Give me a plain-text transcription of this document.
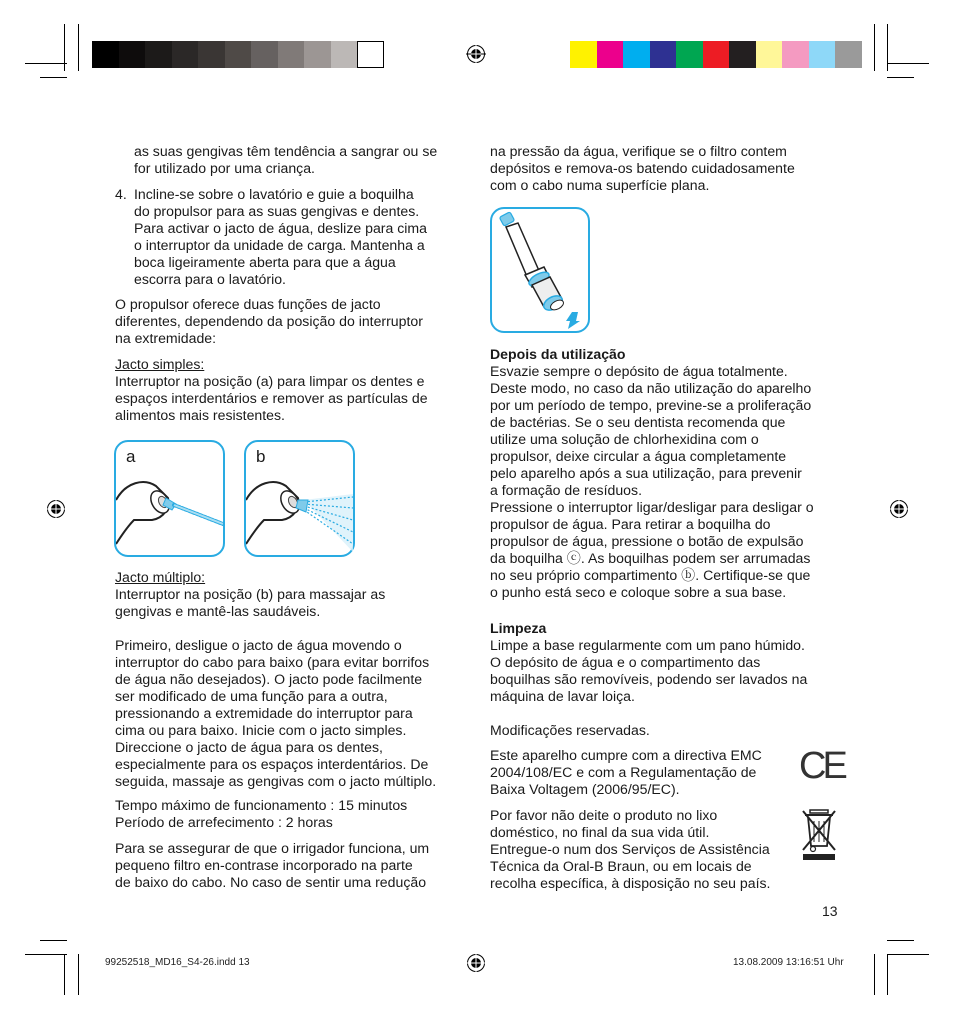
as suas gengivas têm tendência a sangrar ou se

for utilizado por uma criança.

4. Incline-se sobre o lavatório e guie a boquilha

do propulsor para as suas gengivas e dentes.

Para activar o jacto de água, deslize para cima

o interruptor da unidade de carga. Mantenha a

boca ligeiramente aberta para que a água

escorra para o lavatório.

O propulsor oferece duas funções de jacto

diferentes, dependendo da posição do interruptor

na extremidade:

Jacto simples:

Interruptor na posição (a) para limpar os dentes e

espaços interdentários e remover as partículas de

alimentos mais resistentes.

a	b

Jacto múltiplo:

Interruptor na posição (b) para massajar as

gengivas e mantê-las saudáveis.

Primeiro, desligue o jacto de água movendo o

interruptor do cabo para baixo (para evitar borrifos

de água não desejados). O jacto pode facilmente

ser modificado de uma função para a outra,

pressionando a extremidade do interruptor para

cima ou para baixo. Inicie com o jacto simples.

Direccione o jacto de água para os dentes,

especialmente para os espaços interdentários. De

seguida, massaje as gengivas com o jacto múltiplo.

Tempo máximo de funcionamento : 15 minutos

Período de arrefecimento : 2 horas

Para se assegurar de que o irrigador funciona, um

pequeno filtro en-contrase incorporado na parte

de baixo do cabo. No caso de sentir uma redução

na pressão da água, verifique se o filtro contem

depósitos e remova-os batendo cuidadosamente

com o cabo numa superfície plana.

Depois da utilização

Esvazie sempre o depósito de água totalmente.

Deste modo, no caso da não utilização do aparelho

por um período de tempo, previne-se a proliferação

de bactérias. Se o seu dentista recomenda que

utilize uma solução de chlorhexidina com o

propulsor, deixe circular a água completamente

pelo aparelho após a sua utilização, para prevenir

a formação de resíduos.

Pressione o interruptor ligar/desligar para desligar o

propulsor de água. Para retirar a boquilha do

propulsor de água, pressione o botão de expulsão

da boquilha ⓒ. As boquilhas podem ser arrumadas

no seu próprio compartimento ⓑ. Certifique-se que

o punho está seco e coloque sobre a sua base.

Limpeza

Limpe a base regularmente com um pano húmido.

O depósito de água e o compartimento das

boquilhas são removíveis, podendo ser lavados na

máquina de lavar loiça.

Modificações reservadas.

Este aparelho cumpre com a directiva EMC

2004/108/EC e com a Regulamentação de

Baixa Voltagem (2006/95/EC).

CE

Por favor não deite o produto no lixo

doméstico, no final da sua vida útil.

Entregue-o num dos Serviços de Assistência

Técnica da Oral-B Braun, ou em locais de

recolha específica, à disposição no seu país.

13
99252518_MD16_S4-26.indd 13	13.08.2009 13:16:51 Uhr
